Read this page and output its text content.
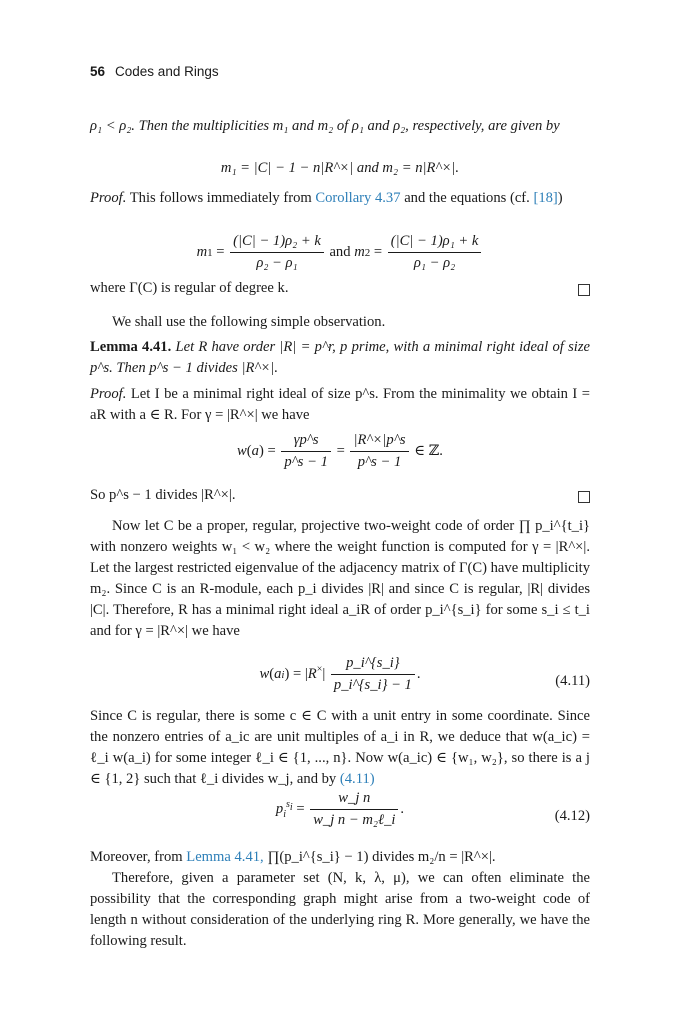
56 Codes and Rings
ρ₁ < ρ₂. Then the multiplicities m₁ and m₂ of ρ₁ and ρ₂, respectively, are given by
m₁ = |C| − 1 − n|R^×| and m₂ = n|R^×|.
Proof. This follows immediately from Corollary 4.37 and the equations (cf. [18])
$m1 = \frac{\text{(|C| − 1)ρ₂ + k}}{\text{ρ₂ − ρ₁}}$ and $m2 = \frac{\text{(|C| − 1)ρ₁ + k}}{\text{ρ₁ − ρ₂}}$
where Γ(C) is regular of degree k.
We shall use the following simple observation.
Lemma 4.41. Let R have order |R| = p^r, p prime, with a minimal right ideal of size p^s. Then p^s − 1 divides |R^×|.
Proof. Let I be a minimal right ideal of size p^s. From the minimality we obtain I = aR with a ∈ R. For γ = |R^×| we have
$w(a) = \frac{\gamma p\^{}s}{p\^{}s - 1} = \frac{|R\^{}\times|p\^{}s}{p\^{}s - 1}$ ∈ ℤ.
So p^s − 1 divides |R^×|.
Now let C be a proper, regular, projective two-weight code of order ∏ p_i^{t_i} with nonzero weights w₁ < w₂ where the weight function is computed for γ = |R^×|. Let the largest restricted eigenvalue of the adjacency matrix of Γ(C) have multiplicity m₂. Since C is an R-module, each p_i divides |R| and since C is regular, |R| divides |C|. Therefore, R has a minimal right ideal a_iR of order p_i^{s_i} for some s_i ≤ t_i and for γ = |R^×| we have
$w(ai) = |R^\times| \frac{p\_i\^{}\{s\_i\}}{p\_i\^{}\{s\_i\} - 1}$ .	(4.11)
Since C is regular, there is some c ∈ C with a unit entry in some coordinate. Since the nonzero entries of a_ic are unit multiples of a_i in R, we deduce that w(a_ic) = ℓ_i w(a_i) for some integer ℓ_i ∈ {1, ..., n}. Now w(a_ic) ∈ {w₁, w₂}, so there is a j ∈ {1, 2} such that ℓ_i divides w_j, and by (4.11)
$p_i^{s_i} = \frac{\text{w\_j n}}{\text{w\_j n − m₂ℓ\_i}}$ .	(4.12)
Moreover, from Lemma 4.41, ∏(p_i^{s_i} − 1) divides m₂/n = |R^×|.
Therefore, given a parameter set (N, k, λ, μ), we can often eliminate the possibility that the corresponding graph might arise from a two-weight code of length n without consideration of the underlying ring R. More generally, we have the following result.
